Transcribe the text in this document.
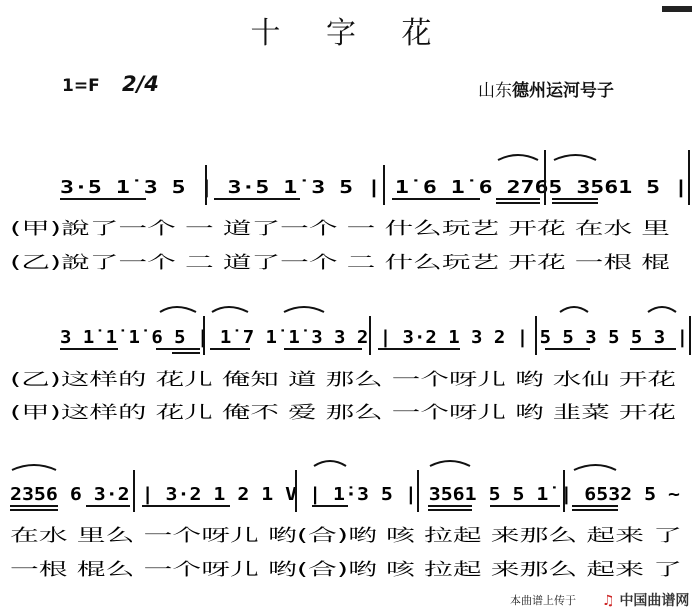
十 字 花
1=F 2/4	山东德州运河号子
3·5 1̇ 3 5 | 3·5 1̇ 3 5 | 1̇ 6 1̇ 6 2765 3561 5 |
(甲)說了一个 一 道了一个 一 什么玩艺 开花 在水 里
(乙)說了一个 二 道了一个 二 什么玩艺 开花 一根 棍
3 1̇ 1̇ 1̇ 6 5 | 1̇ 7 1̇ 1̇ 3 3 2 | 3·2 1 3 2 | 5 5 3 5 5 3 |
(乙)这样的 花儿 俺知 道 那么 一个呀儿 哟 水仙 开花
(甲)这样的 花儿 俺不 爱 那么 一个呀儿 哟 韭菜 开花
2356 6 3·2 | 3·2 1 2 1 V | 1̇·3 5 | 3561 5 5 1̇ | 6532 5 ~
在水 里么 一个呀儿 哟(合)哟 咳 拉起 来那么 起来 了
一根 棍么 一个呀儿 哟(合)哟 咳 拉起 来那么 起来 了
本曲谱上传于 ♫ 中国曲谱网
